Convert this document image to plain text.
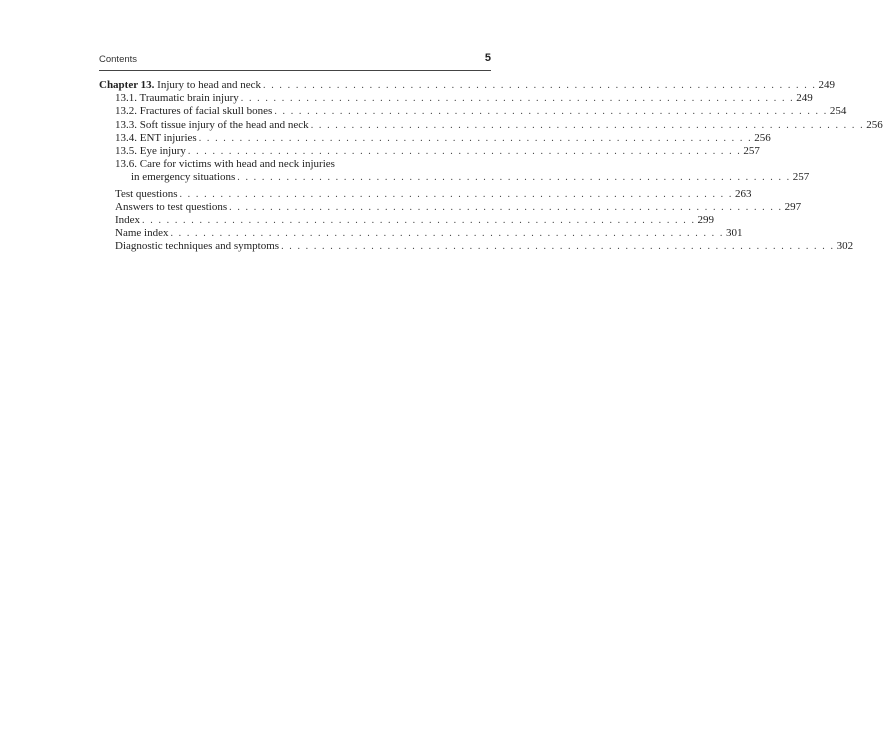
Contents	5
Chapter 13. Injury to head and neck . . . . . . . . . . . . . . . . . . . . . . . . . . . . . . . . . . . . . . . . . . . . . . . . . . . . . . . . . . . . . . . . . . . . 249
13.1. Traumatic brain injury . . . . . . . . . . . . . . . . . . . . . . . . . . . . . . . . . . . . . . . . . . . . . . . . . . . . . . . . . . . . . . . . . . . . 249
13.2. Fractures of facial skull bones . . . . . . . . . . . . . . . . . . . . . . . . . . . . . . . . . . . . . . . . . . . . . . . . . . . . . . . . . . . . . . . . . . . . 254
13.3. Soft tissue injury of the head and neck . . . . . . . . . . . . . . . . . . . . . . . . . . . . . . . . . . . . . . . . . . . . . . . . . . . . . . . . . . . . . . . . . . . . 256
13.4. ENT injuries . . . . . . . . . . . . . . . . . . . . . . . . . . . . . . . . . . . . . . . . . . . . . . . . . . . . . . . . . . . . . . . . . . . . 256
13.5. Eye injury . . . . . . . . . . . . . . . . . . . . . . . . . . . . . . . . . . . . . . . . . . . . . . . . . . . . . . . . . . . . . . . . . . . . 257
13.6. Care for victims with head and neck injuries
in emergency situations . . . . . . . . . . . . . . . . . . . . . . . . . . . . . . . . . . . . . . . . . . . . . . . . . . . . . . . . . . . . . . . . . . . . 257
Test questions . . . . . . . . . . . . . . . . . . . . . . . . . . . . . . . . . . . . . . . . . . . . . . . . . . . . . . . . . . . . . . . . . . . . 263
Answers to test questions . . . . . . . . . . . . . . . . . . . . . . . . . . . . . . . . . . . . . . . . . . . . . . . . . . . . . . . . . . . . . . . . . . . . 297
Index . . . . . . . . . . . . . . . . . . . . . . . . . . . . . . . . . . . . . . . . . . . . . . . . . . . . . . . . . . . . . . . . . . . . 299
Name index . . . . . . . . . . . . . . . . . . . . . . . . . . . . . . . . . . . . . . . . . . . . . . . . . . . . . . . . . . . . . . . . . . . . 301
Diagnostic techniques and symptoms . . . . . . . . . . . . . . . . . . . . . . . . . . . . . . . . . . . . . . . . . . . . . . . . . . . . . . . . . . . . . . . . . . . . 302
